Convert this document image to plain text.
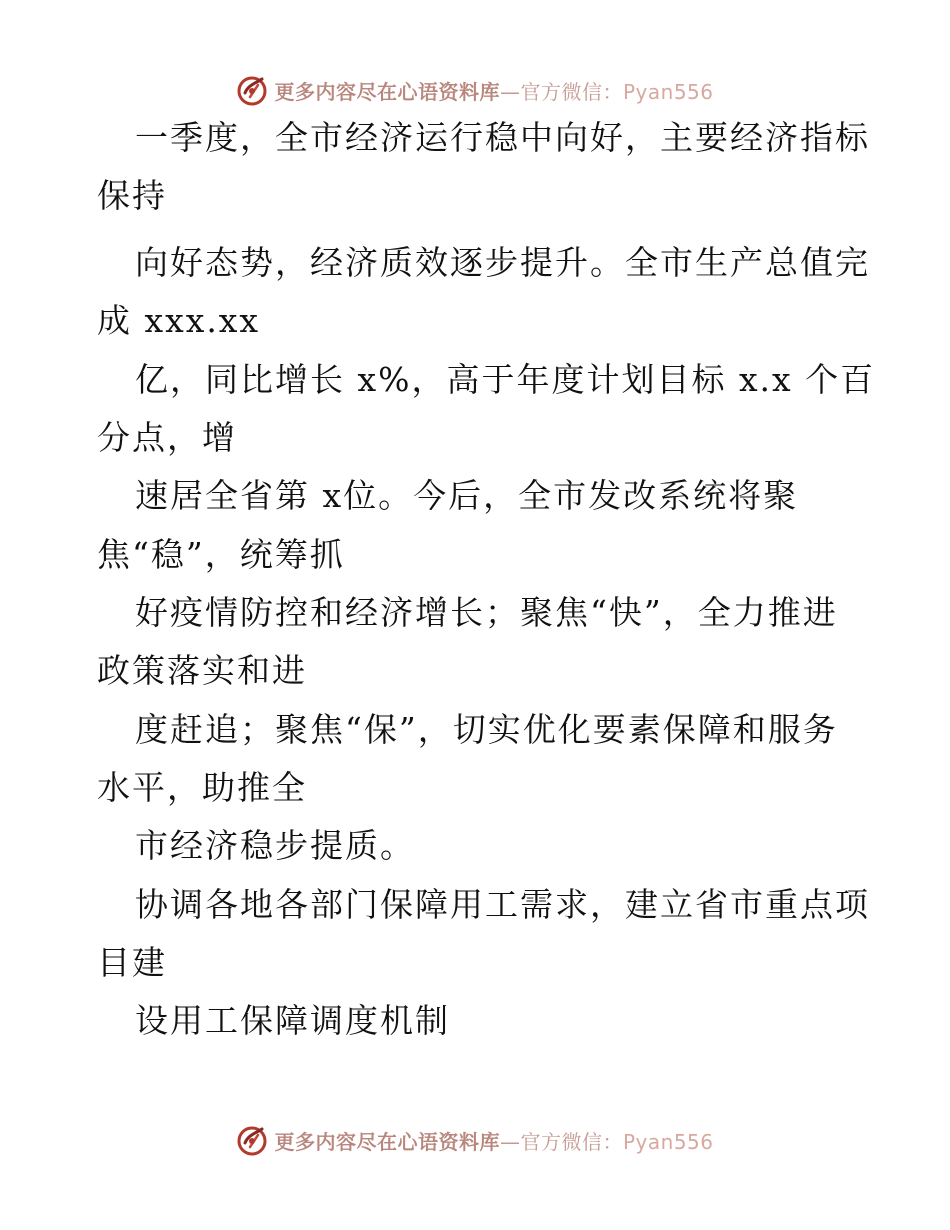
更多内容尽在心语资料库—官方微信：Pyan556
一季度，全市经济运行稳中向好，主要经济指标
保持
向好态势，经济质效逐步提升。全市生产总值完
成 xxx.xx
亿，同比增长 x%，高于年度计划目标 x.x 个百
分点，增
速居全省第 x位。今后，全市发改系统将聚
焦“稳”，统筹抓
好疫情防控和经济增长；聚焦“快”，全力推进
政策落实和进
度赶追；聚焦“保”，切实优化要素保障和服务
水平，助推全
市经济稳步提质。
协调各地各部门保障用工需求，建立省市重点项
目建
设用工保障调度机制
更多内容尽在心语资料库—官方微信：Pyan556
